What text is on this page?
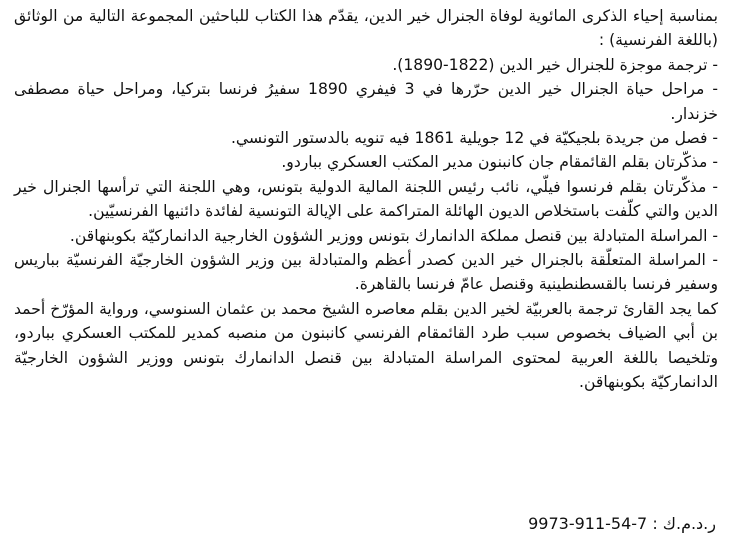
بمناسبة إحياء الذكرى المائوية لوفاة الجنرال خير الدين، يقدّم هذا الكتاب للباحثين المجموعة التالية من الوثائق (باللغة الفرنسية) :

- ترجمة موجزة للجنرال خير الدين (1822-1890).

- مراحل حياة الجنرال خير الدين حرّرها في 3 فيفري 1890 سفيرُ فرنسا بتركيا، ومراحل حياة مصطفى خزندار.

- فصل من جريدة بلجيكيّة في 12 جويلية 1861 فيه تنويه بالدستور التونسي.

- مذكّرتان بقلم القائمقام جان كانبنون مدير المكتب العسكري بباردو.

- مذكّرتان بقلم فرنسوا فيلّي، نائب رئيس اللجنة المالية الدولية بتونس، وهي اللجنة التي ترأسها الجنرال خير الدين والتي كلّفت باستخلاص الديون الهائلة المتراكمة على الإيالة التونسية لفائدة دائنيها الفرنسيّين.

- المراسلة المتبادلة بين قنصل مملكة الدانمارك بتونس ووزير الشؤون الخارجية الدانماركيّة بكوبنهاقن.

- المراسلة المتعلّقة بالجنرال خير الدين كصدر أعظم والمتبادلة بين وزير الشؤون الخارجيّة الفرنسيّة بباريس وسفير فرنسا بالقسطنطينية وقنصل عامّ فرنسا بالقاهرة.

كما يجد القارئ ترجمة بالعربيّة لخير الدين بقلم معاصره الشيخ محمد بن عثمان السنوسي، ورواية المؤرّخ أحمد بن أبي الضياف بخصوص سبب طرد القائمقام الفرنسي كانبنون من منصبه كمدير للمكتب العسكري بباردو، وتلخيصا باللغة العربية لمحتوى المراسلة المتبادلة بين قنصل الدانمارك بتونس ووزير الشؤون الخارجيّة الدانماركيّة بكوبنهاقن.

ر.د.م.ك : 9973-911-54-7
